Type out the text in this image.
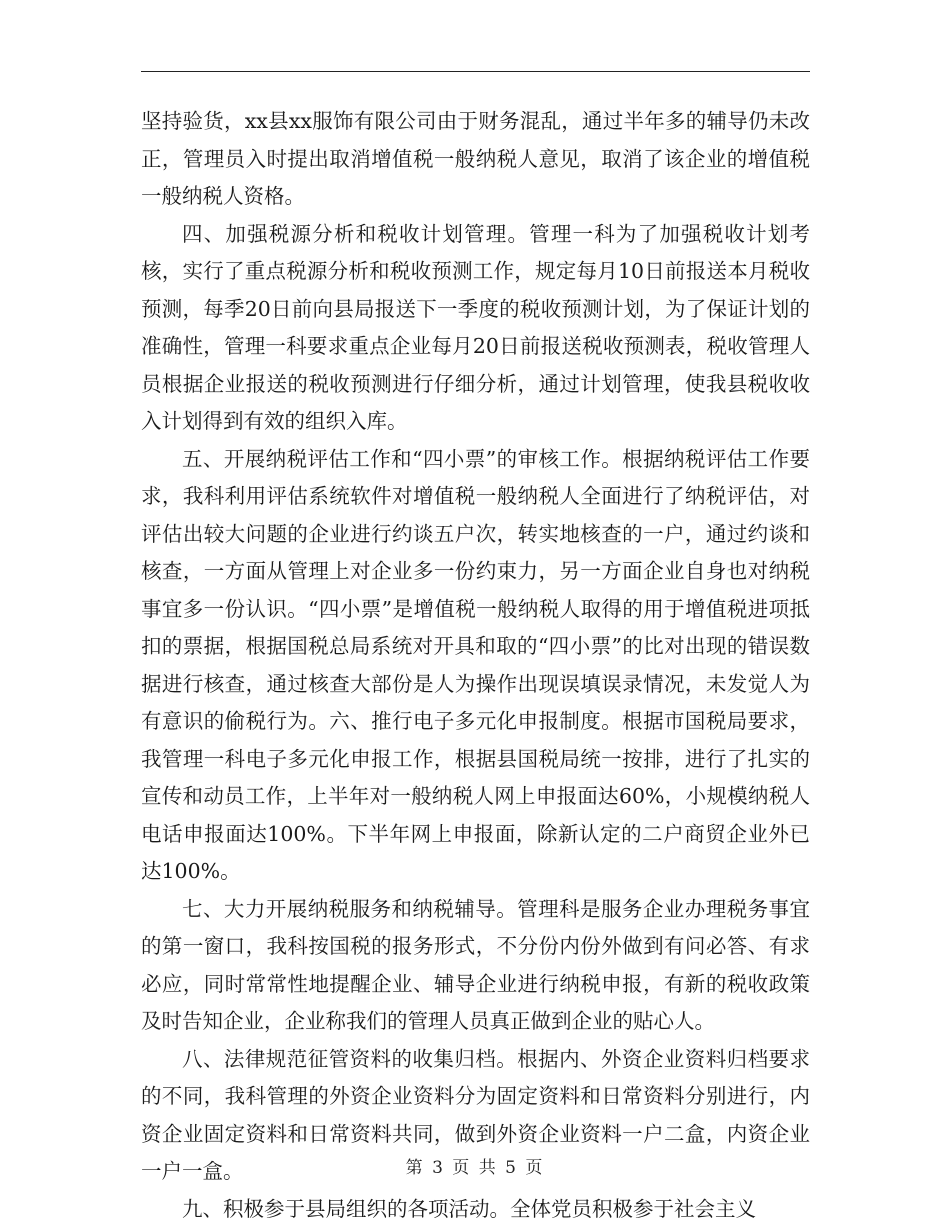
坚持验货，xx县xx服饰有限公司由于财务混乱，通过半年多的辅导仍未改正，管理员入时提出取消增值税一般纳税人意见，取消了该企业的增值税一般纳税人资格。

四、加强税源分析和税收计划管理。管理一科为了加强税收计划考核，实行了重点税源分析和税收预测工作，规定每月10日前报送本月税收预测，每季20日前向县局报送下一季度的税收预测计划，为了保证计划的准确性，管理一科要求重点企业每月20日前报送税收预测表，税收管理人员根据企业报送的税收预测进行仔细分析，通过计划管理，使我县税收收入计划得到有效的组织入库。

五、开展纳税评估工作和“四小票”的审核工作。根据纳税评估工作要求，我科利用评估系统软件对增值税一般纳税人全面进行了纳税评估，对评估出较大问题的企业进行约谈五户次，转实地核查的一户，通过约谈和核查，一方面从管理上对企业多一份约束力，另一方面企业自身也对纳税事宜多一份认识。“四小票”是增值税一般纳税人取得的用于增值税进项抵扣的票据，根据国税总局系统对开具和取的“四小票”的比对出现的错误数据进行核查，通过核查大部份是人为操作出现误填误录情况，未发觉人为有意识的偷税行为。六、推行电子多元化申报制度。根据市国税局要求，我管理一科电子多元化申报工作，根据县国税局统一按排，进行了扎实的宣传和动员工作，上半年对一般纳税人网上申报面达60%，小规模纳税人电话申报面达100%。下半年网上申报面，除新认定的二户商贸企业外已达100%。

七、大力开展纳税服务和纳税辅导。管理科是服务企业办理税务事宜的第一窗口，我科按国税的报务形式，不分份内份外做到有问必答、有求必应，同时常常性地提醒企业、辅导企业进行纳税申报，有新的税收政策及时告知企业，企业称我们的管理人员真正做到企业的贴心人。

八、法律规范征管资料的收集归档。根据内、外资企业资料归档要求的不同，我科管理的外资企业资料分为固定资料和日常资料分别进行，内资企业固定资料和日常资料共同，做到外资企业资料一户二盒，内资企业一户一盒。

九、积极参于县局组织的各项活动。全体党员积极参于社会主义

第 3 页 共 5 页
